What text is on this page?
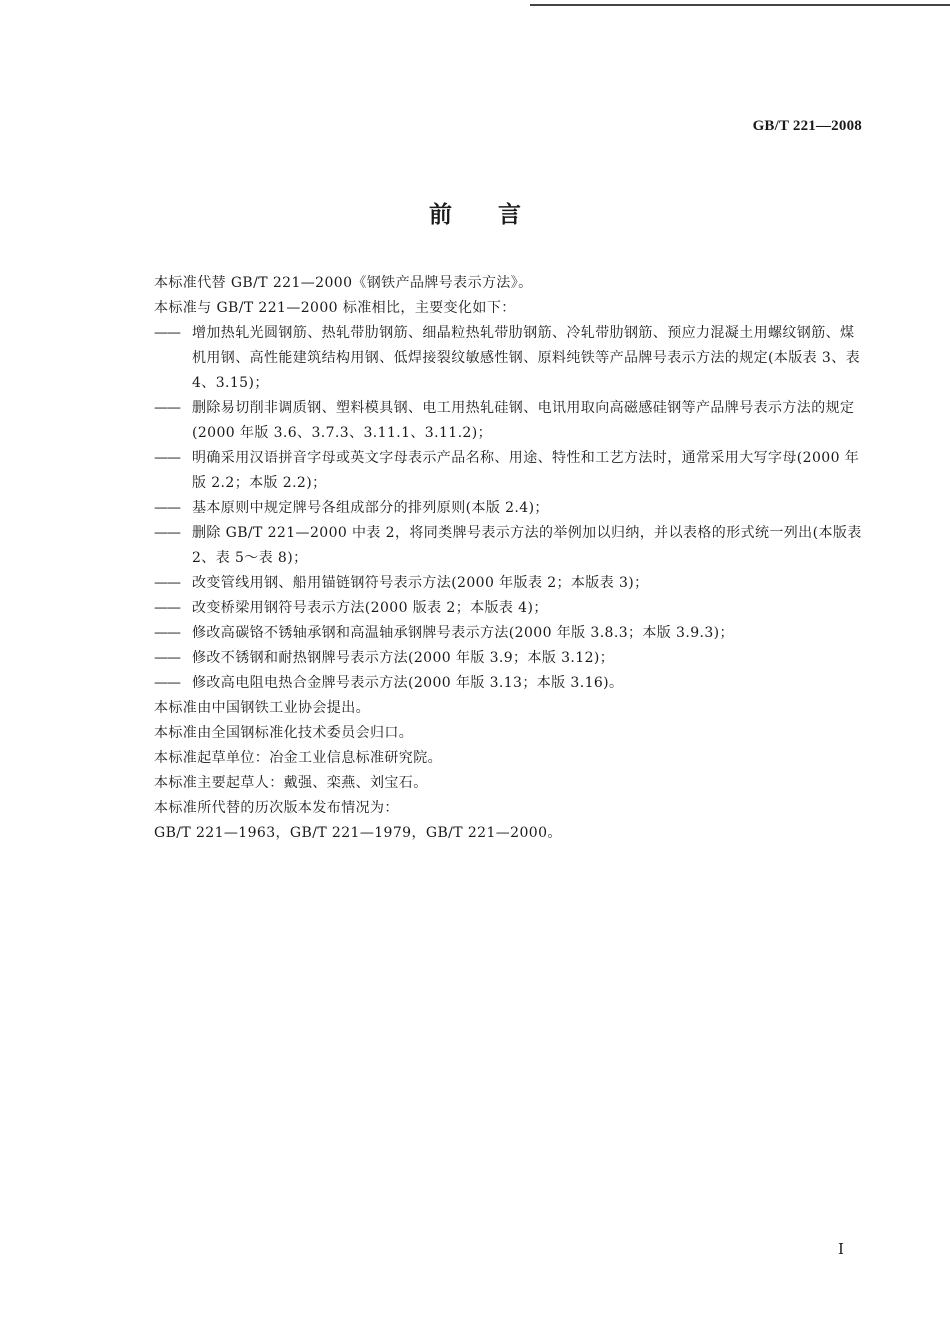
GB/T 221—2008
前言

本标准代替 GB/T 221—2000《钢铁产品牌号表示方法》。

本标准与 GB/T 221—2000 标准相比，主要变化如下：

—— 增加热轧光圆钢筋、热轧带肋钢筋、细晶粒热轧带肋钢筋、冷轧带肋钢筋、预应力混凝土用螺纹钢筋、煤机用钢、高性能建筑结构用钢、低焊接裂纹敏感性钢、原料纯铁等产品牌号表示方法的规定(本版表 3、表 4、3.15)；

—— 删除易切削非调质钢、塑料模具钢、电工用热轧硅钢、电讯用取向高磁感硅钢等产品牌号表示方法的规定(2000 年版 3.6、3.7.3、3.11.1、3.11.2)；

—— 明确采用汉语拼音字母或英文字母表示产品名称、用途、特性和工艺方法时，通常采用大写字母(2000 年版 2.2；本版 2.2)；

—— 基本原则中规定牌号各组成部分的排列原则(本版 2.4)；

—— 删除 GB/T 221—2000 中表 2，将同类牌号表示方法的举例加以归纳，并以表格的形式统一列出(本版表 2、表 5～表 8)；

—— 改变管线用钢、船用锚链钢符号表示方法(2000 年版表 2；本版表 3)；

—— 改变桥梁用钢符号表示方法(2000 版表 2；本版表 4)；

—— 修改高碳铬不锈轴承钢和高温轴承钢牌号表示方法(2000 年版 3.8.3；本版 3.9.3)；

—— 修改不锈钢和耐热钢牌号表示方法(2000 年版 3.9；本版 3.12)；

—— 修改高电阻电热合金牌号表示方法(2000 年版 3.13；本版 3.16)。

本标准由中国钢铁工业协会提出。

本标准由全国钢标准化技术委员会归口。

本标准起草单位：冶金工业信息标准研究院。

本标准主要起草人：戴强、栾燕、刘宝石。

本标准所代替的历次版本发布情况为：

GB/T 221—1963，GB/T 221—1979，GB/T 221—2000。

I
